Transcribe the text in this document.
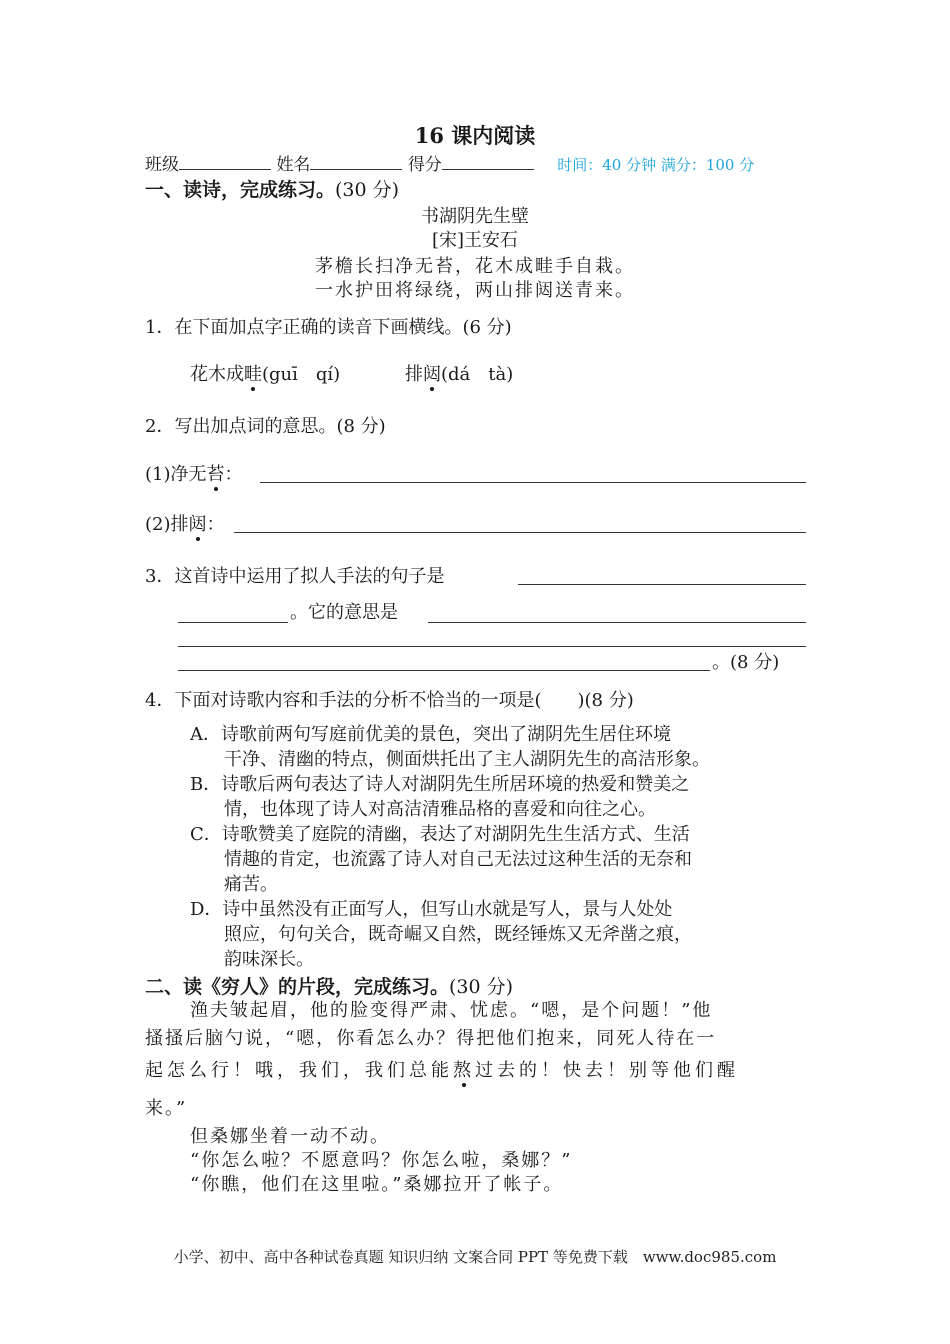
16 课内阅读
班级	姓名	得分	时间：40 分钟 满分：100 分
一、读诗，完成练习。(30 分)
书湖阴先生壁
[宋]王安石
茅檐长扫净无苔，花木成畦手自栽。
一水护田将绿绕，两山排闼送青来。
1．在下面加点字正确的读音下画横线。(6 分)
花木成畦(guī　qí)	排闼(dá　tà)
2．写出加点词的意思。(8 分)
(1)净无苔：
(2)排闼：
3．这首诗中运用了拟人手法的句子是
。它的意思是
。(8 分)
4．下面对诗歌内容和手法的分析不恰当的一项是(　　)(8 分)
A．诗歌前两句写庭前优美的景色，突出了湖阴先生居住环境
干净、清幽的特点，侧面烘托出了主人湖阴先生的高洁形象。
B．诗歌后两句表达了诗人对湖阴先生所居环境的热爱和赞美之
情，也体现了诗人对高洁清雅品格的喜爱和向往之心。
C．诗歌赞美了庭院的清幽，表达了对湖阴先生生活方式、生活
情趣的肯定，也流露了诗人对自己无法过这种生活的无奈和
痛苦。
D．诗中虽然没有正面写人，但写山水就是写人，景与人处处
照应，句句关合，既奇崛又自然，既经锤炼又无斧凿之痕，
韵味深长。
二、读《穷人》的片段，完成练习。(30 分)
渔夫皱起眉，他的脸变得严肃、忧虑。“嗯，是个问题！”他
搔搔后脑勺说，“嗯，你看怎么办？得把他们抱来，同死人待在一
起怎么行！哦，我们，我们总能熬过去的！快去！别等他们醒
来。”
但桑娜坐着一动不动。
“你怎么啦？不愿意吗？你怎么啦，桑娜？”
“你瞧，他们在这里啦。”桑娜拉开了帐子。
小学、初中、高中各种试卷真题 知识归纳 文案合同 PPT 等免费下载　www.doc985.com
